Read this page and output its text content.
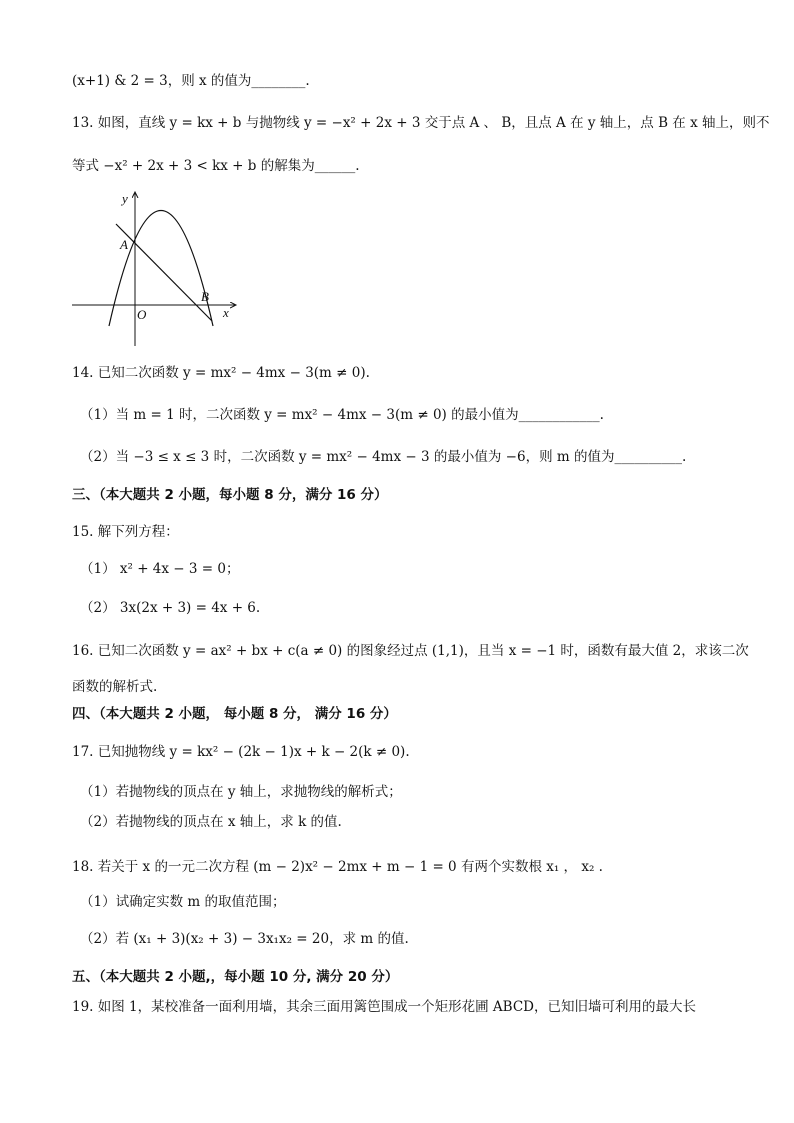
(x+1) & 2 = 3，则 x 的值为________.
13. 如图，直线 y = kx + b 与抛物线 y = −x² + 2x + 3 交于点 A 、 B，且点 A 在 y 轴上，点 B 在 x 轴上，则不
等式 −x² + 2x + 3 < kx + b 的解集为______.
y
x
O
A
B
14. 已知二次函数 y = mx² − 4mx − 3(m ≠ 0).
（1）当 m = 1 时，二次函数 y = mx² − 4mx − 3(m ≠ 0) 的最小值为____________.
（2）当 −3 ≤ x ≤ 3 时，二次函数 y = mx² − 4mx − 3 的最小值为 −6，则 m 的值为__________.
三、（本大题共 2 小题，每小题 8 分，满分 16 分）
15. 解下列方程：
（1） x² + 4x − 3 = 0；
（2） 3x(2x + 3) = 4x + 6.
16. 已知二次函数 y = ax² + bx + c(a ≠ 0) 的图象经过点 (1,1)，且当 x = −1 时，函数有最大值 2，求该二次
函数的解析式.
四、（本大题共 2 小题， 每小题 8 分， 满分 16 分）
17. 已知抛物线 y = kx² − (2k − 1)x + k − 2(k ≠ 0).
（1）若抛物线的顶点在 y 轴上，求抛物线的解析式；
（2）若抛物线的顶点在 x 轴上，求 k 的值.
18. 若关于 x 的一元二次方程 (m − 2)x² − 2mx + m − 1 = 0 有两个实数根 x₁ ， x₂ .
（1）试确定实数 m 的取值范围；
（2）若 (x₁ + 3)(x₂ + 3) − 3x₁x₂ = 20，求 m 的值.
五、（本大题共 2 小题,，每小题 10 分, 满分 20 分）
19. 如图 1，某校准备一面利用墙，其余三面用篱笆围成一个矩形花圃 ABCD，已知旧墙可利用的最大长
